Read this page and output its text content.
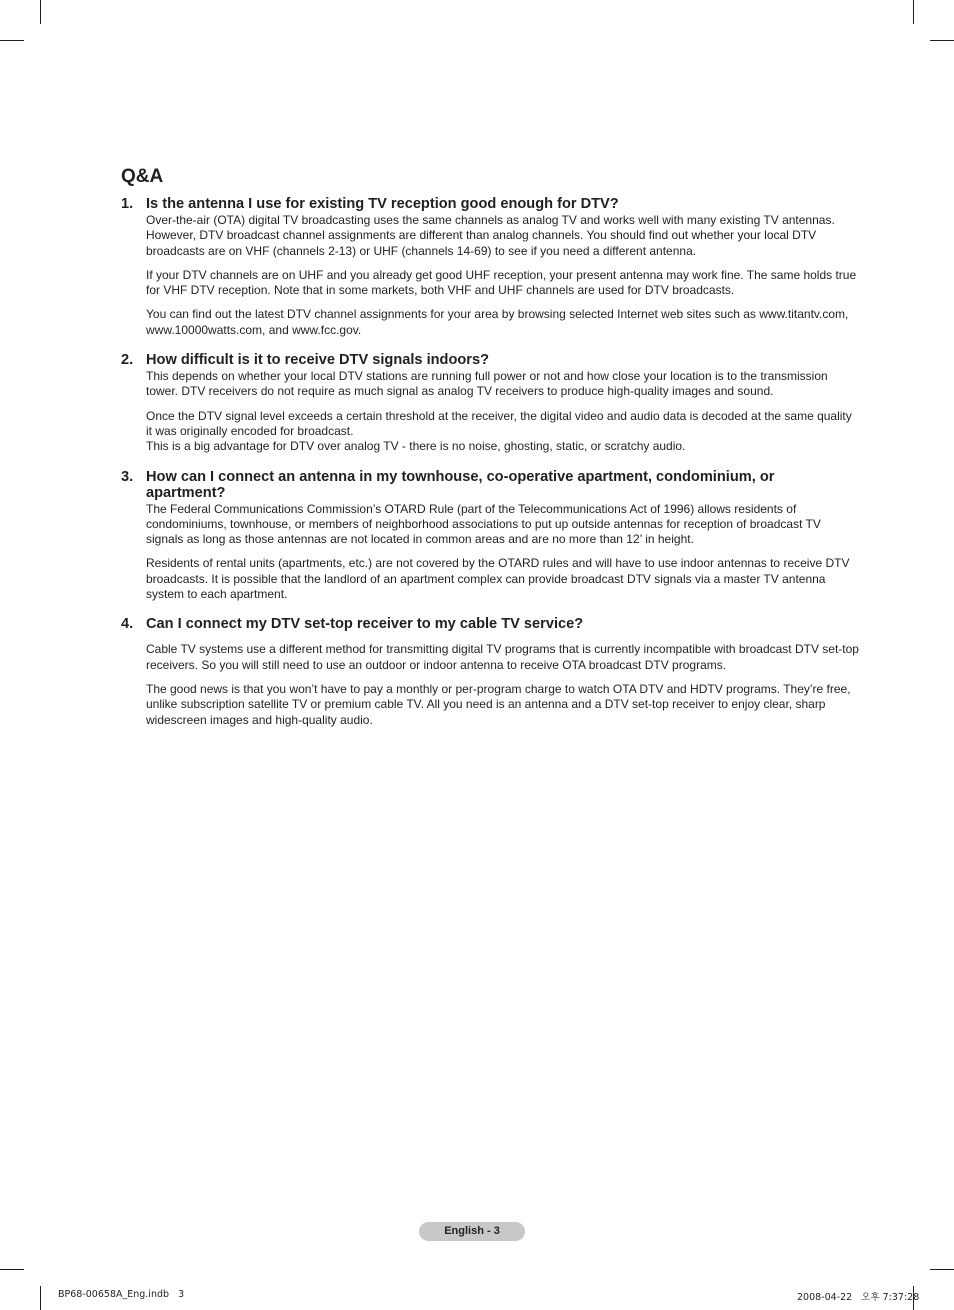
Q&A
1. Is the antenna I use for existing TV reception good enough for DTV?

Over-the-air (OTA) digital TV broadcasting uses the same channels as analog TV and works well with many existing TV antennas. However, DTV broadcast channel assignments are different than analog channels. You should find out whether your local DTV broadcasts are on VHF (channels 2-13) or UHF (channels 14-69) to see if you need a different antenna.

If your DTV channels are on UHF and you already get good UHF reception, your present antenna may work fine. The same holds true for VHF DTV reception. Note that in some markets, both VHF and UHF channels are used for DTV broadcasts.

You can find out the latest DTV channel assignments for your area by browsing selected Internet web sites such as www.titantv.com, www.10000watts.com, and www.fcc.gov.

2. How difficult is it to receive DTV signals indoors?

This depends on whether your local DTV stations are running full power or not and how close your location is to the transmission tower. DTV receivers do not require as much signal as analog TV receivers to produce high-quality images and sound.

Once the DTV signal level exceeds a certain threshold at the receiver, the digital video and audio data is decoded at the same quality it was originally encoded for broadcast.
This is a big advantage for DTV over analog TV - there is no noise, ghosting, static, or scratchy audio.

3. How can I connect an antenna in my townhouse, co-operative apartment, condominium, or apartment?

The Federal Communications Commission’s OTARD Rule (part of the Telecommunications Act of 1996) allows residents of condominiums, townhouse, or members of neighborhood associations to put up outside antennas for reception of broadcast TV signals as long as those antennas are not located in common areas and are no more than 12’ in height.

Residents of rental units (apartments, etc.) are not covered by the OTARD rules and will have to use indoor antennas to receive DTV broadcasts. It is possible that the landlord of an apartment complex can provide broadcast DTV signals via a master TV antenna system to each apartment.

4. Can I connect my DTV set-top receiver to my cable TV service?

Cable TV systems use a different method for transmitting digital TV programs that is currently incompatible with broadcast DTV set-top receivers. So you will still need to use an outdoor or indoor antenna to receive OTA broadcast DTV programs.

The good news is that you won’t have to pay a monthly or per-program charge to watch OTA DTV and HDTV programs. They’re free, unlike subscription satellite TV or premium cable TV. All you need is an antenna and a DTV set-top receiver to enjoy clear, sharp widescreen images and high-quality audio.

English - 3
BP68-00658A_Eng.indb   3	2008-04-22   오후 7:37:28
